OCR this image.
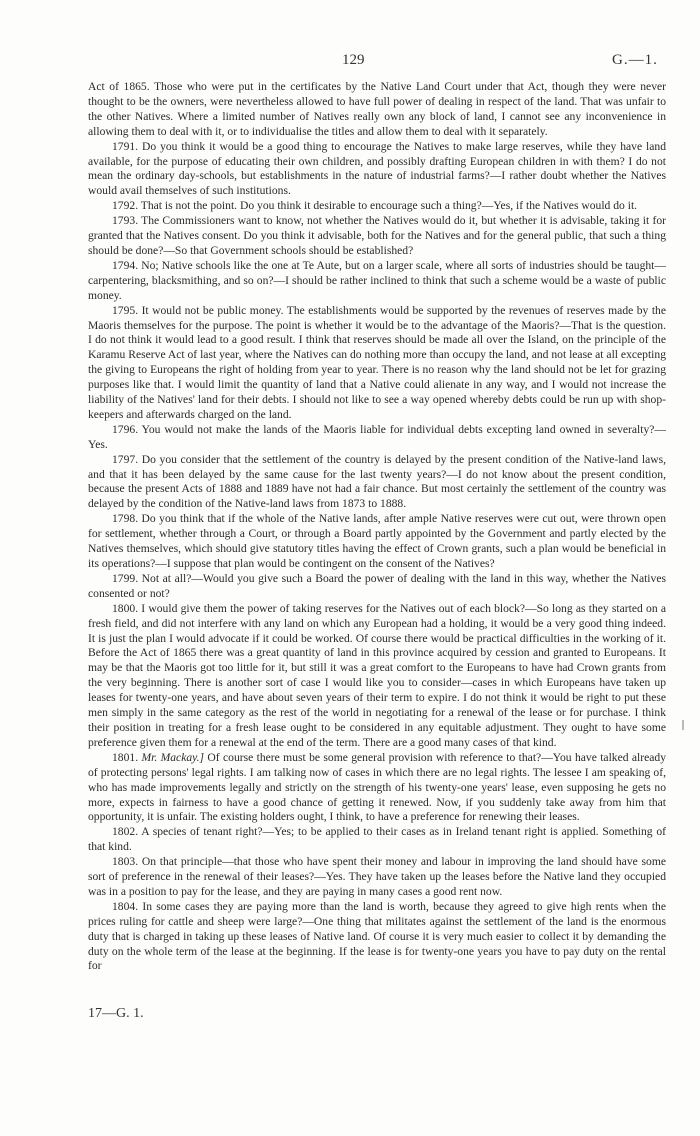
129	G.—1.

Act of 1865. Those who were put in the certificates by the Native Land Court under that Act, though they were never thought to be the owners, were nevertheless allowed to have full power of dealing in respect of the land. That was unfair to the other Natives. Where a limited number of Natives really own any block of land, I cannot see any inconvenience in allowing them to deal with it, or to individualise the titles and allow them to deal with it separately.

1791. Do you think it would be a good thing to encourage the Natives to make large reserves, while they have land available, for the purpose of educating their own children, and possibly drafting European children in with them? I do not mean the ordinary day-schools, but establishments in the nature of industrial farms?—I rather doubt whether the Natives would avail themselves of such institutions.

1792. That is not the point. Do you think it desirable to encourage such a thing?—Yes, if the Natives would do it.

1793. The Commissioners want to know, not whether the Natives would do it, but whether it is advisable, taking it for granted that the Natives consent. Do you think it advisable, both for the Natives and for the general public, that such a thing should be done?—So that Government schools should be established?

1794. No; Native schools like the one at Te Aute, but on a larger scale, where all sorts of industries should be taught—carpentering, blacksmithing, and so on?—I should be rather inclined to think that such a scheme would be a waste of public money.

1795. It would not be public money. The establishments would be supported by the revenues of reserves made by the Maoris themselves for the purpose. The point is whether it would be to the advantage of the Maoris?—That is the question. I do not think it would lead to a good result. I think that reserves should be made all over the Island, on the principle of the Karamu Reserve Act of last year, where the Natives can do nothing more than occupy the land, and not lease at all excepting the giving to Europeans the right of holding from year to year. There is no reason why the land should not be let for grazing purposes like that. I would limit the quantity of land that a Native could alienate in any way, and I would not increase the liability of the Natives' land for their debts. I should not like to see a way opened whereby debts could be run up with shop-keepers and afterwards charged on the land.

1796. You would not make the lands of the Maoris liable for individual debts excepting land owned in severalty?—Yes.

1797. Do you consider that the settlement of the country is delayed by the present condition of the Native-land laws, and that it has been delayed by the same cause for the last twenty years?—I do not know about the present condition, because the present Acts of 1888 and 1889 have not had a fair chance. But most certainly the settlement of the country was delayed by the condition of the Native-land laws from 1873 to 1888.

1798. Do you think that if the whole of the Native lands, after ample Native reserves were cut out, were thrown open for settlement, whether through a Court, or through a Board partly appointed by the Government and partly elected by the Natives themselves, which should give statutory titles having the effect of Crown grants, such a plan would be beneficial in its operations?—I suppose that plan would be contingent on the consent of the Natives?

1799. Not at all?—Would you give such a Board the power of dealing with the land in this way, whether the Natives consented or not?

1800. I would give them the power of taking reserves for the Natives out of each block?—So long as they started on a fresh field, and did not interfere with any land on which any European had a holding, it would be a very good thing indeed. It is just the plan I would advocate if it could be worked. Of course there would be practical difficulties in the working of it. Before the Act of 1865 there was a great quantity of land in this province acquired by cession and granted to Europeans. It may be that the Maoris got too little for it, but still it was a great comfort to the Europeans to have had Crown grants from the very beginning. There is another sort of case I would like you to consider—cases in which Europeans have taken up leases for twenty-one years, and have about seven years of their term to expire. I do not think it would be right to put these men simply in the same category as the rest of the world in negotiating for a renewal of the lease or for purchase. I think their position in treating for a fresh lease ought to be considered in any equitable adjustment. They ought to have some preference given them for a renewal at the end of the term. There are a good many cases of that kind.

1801. Mr. Mackay.] Of course there must be some general provision with reference to that?—You have talked already of protecting persons' legal rights. I am talking now of cases in which there are no legal rights. The lessee I am speaking of, who has made improvements legally and strictly on the strength of his twenty-one years' lease, even supposing he gets no more, expects in fairness to have a good chance of getting it renewed. Now, if you suddenly take away from him that opportunity, it is unfair. The existing holders ought, I think, to have a preference for renewing their leases.

1802. A species of tenant right?—Yes; to be applied to their cases as in Ireland tenant right is applied. Something of that kind.

1803. On that principle—that those who have spent their money and labour in improving the land should have some sort of preference in the renewal of their leases?—Yes. They have taken up the leases before the Native land they occupied was in a position to pay for the lease, and they are paying in many cases a good rent now.

1804. In some cases they are paying more than the land is worth, because they agreed to give high rents when the prices ruling for cattle and sheep were large?—One thing that militates against the settlement of the land is the enormous duty that is charged in taking up these leases of Native land. Of course it is very much easier to collect it by demanding the duty on the whole term of the lease at the beginning. If the lease is for twenty-one years you have to pay duty on the rental for

17—G. 1.
